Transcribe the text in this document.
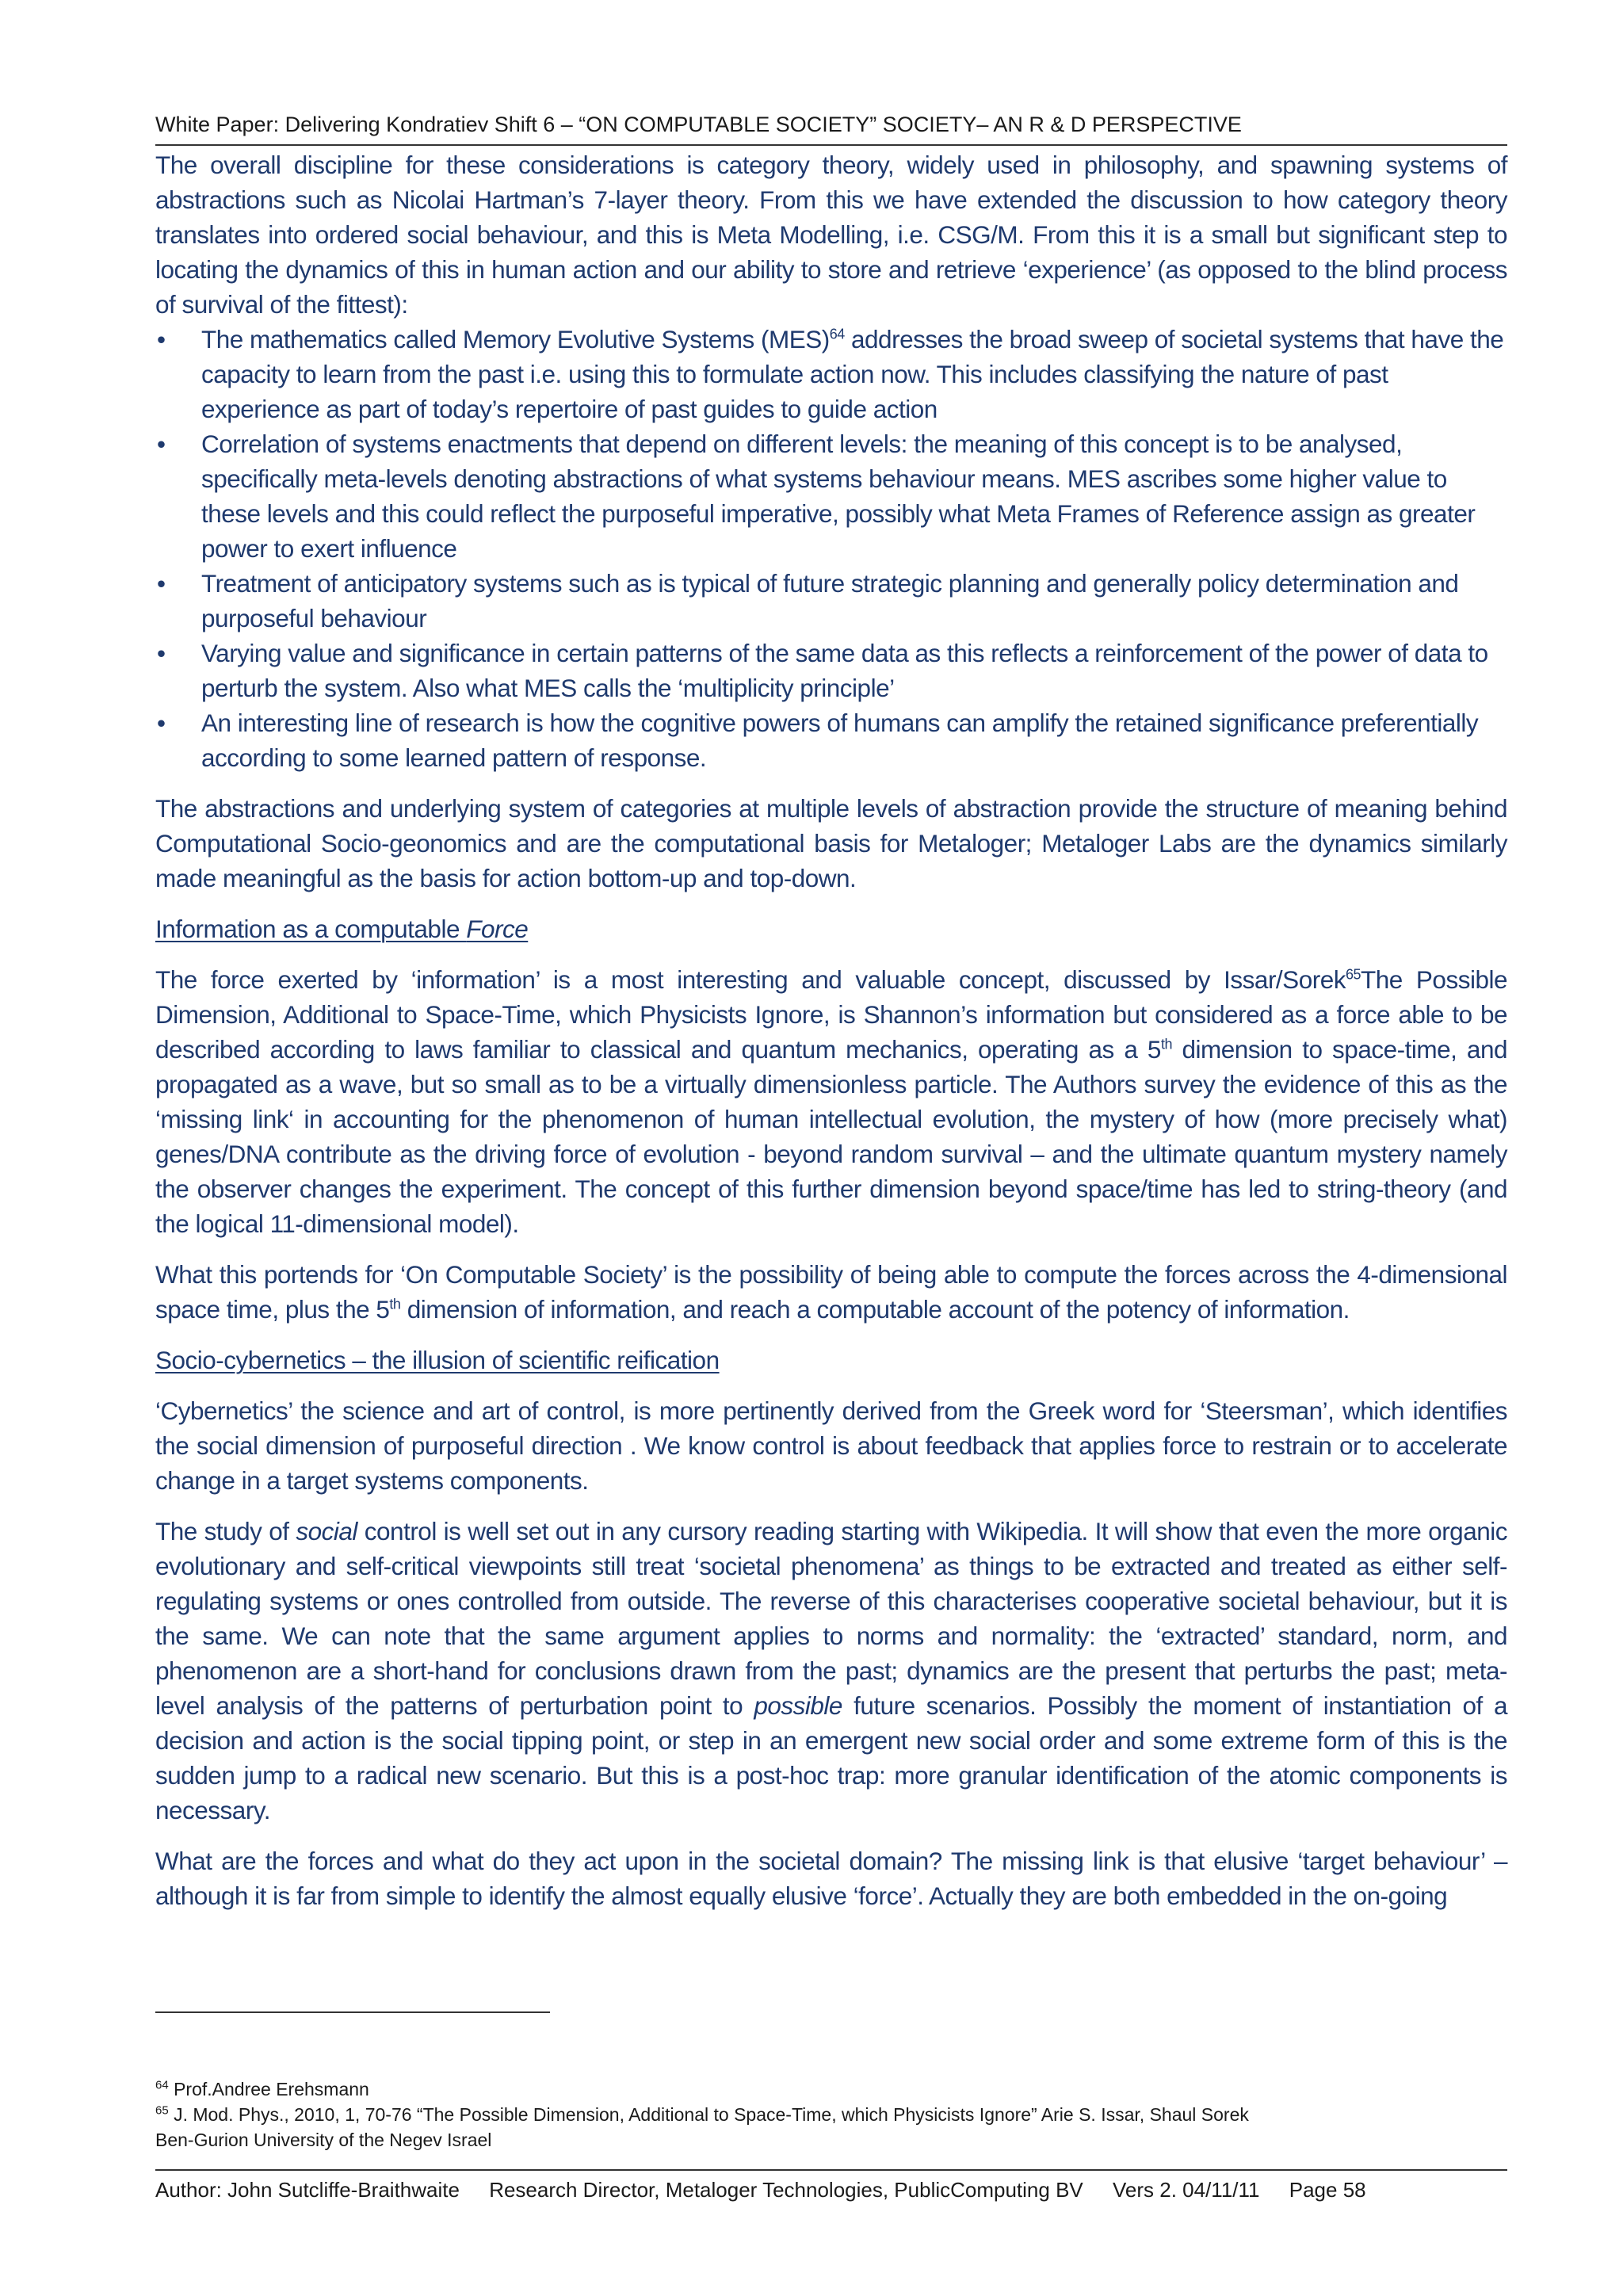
White Paper: Delivering Kondratiev Shift 6 – “ON COMPUTABLE SOCIETY” SOCIETY– AN R & D PERSPECTIVE

The overall discipline for these considerations is category theory, widely used in philosophy, and spawning systems of abstractions such as Nicolai Hartman’s 7-layer theory. From this we have extended the discussion to how category theory translates into ordered social behaviour, and this is Meta Modelling, i.e. CSG/M. From this it is a small but significant step to locating the dynamics of this in human action and our ability to store and retrieve ‘experience’ (as opposed to the blind process of survival of the fittest):

• The mathematics called Memory Evolutive Systems (MES)$^{64}$ addresses the broad sweep of societal systems that have the capacity to learn from the past i.e. using this to formulate action now. This includes classifying the nature of past experience as part of today’s repertoire of past guides to guide action
• Correlation of systems enactments that depend on different levels: the meaning of this concept is to be analysed, specifically meta-levels denoting abstractions of what systems behaviour means. MES ascribes some higher value to these levels and this could reflect the purposeful imperative, possibly what Meta Frames of Reference assign as greater power to exert influence
• Treatment of anticipatory systems such as is typical of future strategic planning and generally policy determination and purposeful behaviour
• Varying value and significance in certain patterns of the same data as this reflects a reinforcement of the power of data to perturb the system. Also what MES calls the ‘multiplicity principle’
• An interesting line of research is how the cognitive powers of humans can amplify the retained significance preferentially according to some learned pattern of response.

The abstractions and underlying system of categories at multiple levels of abstraction provide the structure of meaning behind Computational Socio-geonomics and are the computational basis for Metaloger; Metaloger Labs are the dynamics similarly made meaningful as the basis for action bottom-up and top-down.

Information as a computable Force

The force exerted by ‘information’ is a most interesting and valuable concept, discussed by Issar/Sorek$^{65}$The Possible Dimension, Additional to Space-Time, which Physicists Ignore, is Shannon’s information but considered as a force able to be described according to laws familiar to classical and quantum mechanics, operating as a 5th dimension to space-time, and propagated as a wave, but so small as to be a virtually dimensionless particle. The Authors survey the evidence of this as the ‘missing link‘ in accounting for the phenomenon of human intellectual evolution, the mystery of how (more precisely what) genes/DNA contribute as the driving force of evolution - beyond random survival – and the ultimate quantum mystery namely the observer changes the experiment. The concept of this further dimension beyond space/time has led to string-theory (and the logical 11-dimensional model).

What this portends for ‘On Computable Society’ is the possibility of being able to compute the forces across the 4-dimensional space time, plus the 5th dimension of information, and reach a computable account of the potency of information.

Socio-cybernetics – the illusion of scientific reification

‘Cybernetics’ the science and art of control, is more pertinently derived from the Greek word for ‘Steersman’, which identifies the social dimension of purposeful direction . We know control is about feedback that applies force to restrain or to accelerate change in a target systems components.

The study of social control is well set out in any cursory reading starting with Wikipedia. It will show that even the more organic evolutionary and self-critical viewpoints still treat ‘societal phenomena’ as things to be extracted and treated as either self-regulating systems or ones controlled from outside. The reverse of this characterises cooperative societal behaviour, but it is the same. We can note that the same argument applies to norms and normality: the ‘extracted’ standard, norm, and phenomenon are a short-hand for conclusions drawn from the past; dynamics are the present that perturbs the past; meta-level analysis of the patterns of perturbation point to possible future scenarios. Possibly the moment of instantiation of a decision and action is the social tipping point, or step in an emergent new social order and some extreme form of this is the sudden jump to a radical new scenario. But this is a post-hoc trap: more granular identification of the atomic components is necessary.

What are the forces and what do they act upon in the societal domain? The missing link is that elusive ‘target behaviour’ – although it is far from simple to identify the almost equally elusive ‘force’. Actually they are both embedded in the on-going

$^{64}$ Prof.Andree Erehsmann
$^{65}$ J. Mod. Phys., 2010, 1, 70-76 “The Possible Dimension, Additional to Space-Time, which Physicists Ignore” Arie S. Issar, Shaul Sorek
Ben-Gurion University of the Negev Israel
Author: John Sutcliffe-Braithwaite Research Director, Metaloger Technologies, PublicComputing BV Vers 2. 04/11/11 Page 58
